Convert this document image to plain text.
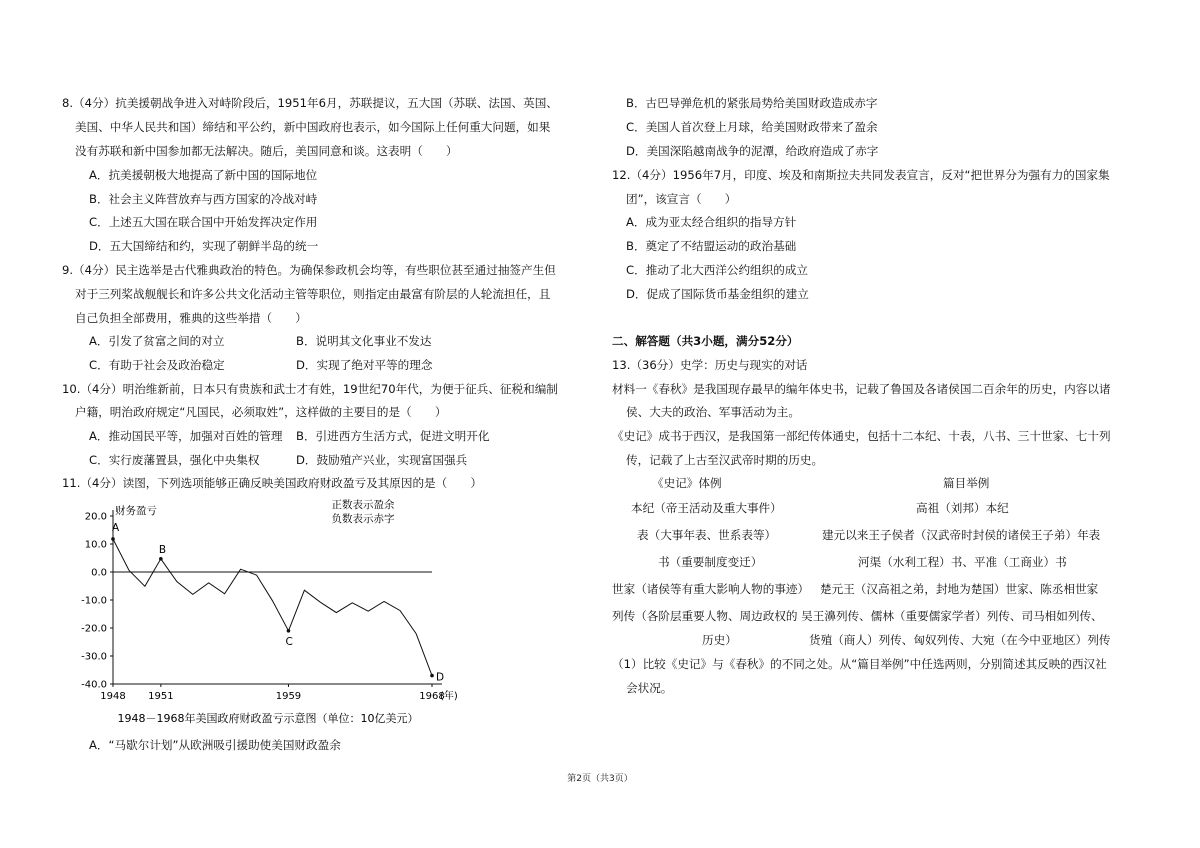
8.（4分）抗美援朝战争进入对峙阶段后，1951年6月，苏联提议，五大国（苏联、法国、英国、
美国、中华人民共和国）缔结和平公约，新中国政府也表示，如今国际上任何重大问题，如果
没有苏联和新中国参加都无法解决。随后，美国同意和谈。这表明（　　）
A．抗美援朝极大地提高了新中国的国际地位
B．社会主义阵营放弃与西方国家的冷战对峙
C．上述五大国在联合国中开始发挥决定作用
D．五大国缔结和约，实现了朝鲜半岛的统一
9.（4分）民主选举是古代雅典政治的特色。为确保参政机会均等，有些职位甚至通过抽签产生但
对于三列桨战舰舰长和许多公共文化活动主管等职位，则指定由最富有阶层的人轮流担任，且
自己负担全部费用，雅典的这些举措（　　）
A．引发了贫富之间的对立	B．说明其文化事业不发达
C．有助于社会及政治稳定	D．实现了绝对平等的理念
10.（4分）明治维新前，日本只有贵族和武士才有姓，19世纪70年代，为便于征兵、征税和编制
户籍，明治政府规定“凡国民，必须取姓”，这样做的主要目的是（　　）
A．推动国民平等，加强对百姓的管理 B．引进西方生活方式，促进文明开化
C．实行废藩置县，强化中央集权	D．鼓励殖产兴业，实现富国强兵
11.（4分）读图，下列选项能够正确反映美国政府财政盈亏及其原因的是（　　）
20.0
10.0
0.0
-10.0
-20.0
-30.0
-40.0
1948 1951	1959	1968
(年)
财务盈亏	正数表示盈余
负数表示赤字
A
B
C
D
1948－1968年美国政府财政盈亏示意图（单位：10亿美元）
A．“马歇尔计划”从欧洲吸引援助使美国财政盈余
B．古巴导弹危机的紧张局势给美国财政造成赤字
C．美国人首次登上月球，给美国财政带来了盈余
D．美国深陷越南战争的泥潭，给政府造成了赤字
12.（4分）1956年7月，印度、埃及和南斯拉夫共同发表宣言，反对“把世界分为强有力的国家集
团”，该宣言（　　）
A．成为亚太经合组织的指导方针
B．奠定了不结盟运动的政治基础
C．推动了北大西洋公约组织的成立
D．促成了国际货币基金组织的建立
二、解答题（共3小题，满分52分）
13.（36分）史学：历史与现实的对话
材料一《春秋》是我国现存最早的编年体史书，记载了鲁国及各诸侯国二百余年的历史，内容以诸
侯、大夫的政治、军事活动为主。
《史记》成书于西汉，是我国第一部纪传体通史，包括十二本纪、十表，八书、三十世家、七十列
传，记载了上古至汉武帝时期的历史。
《史记》体例	篇目举例
本纪（帝王活动及重大事件）	高祖（刘邦）本纪
表（大事年表、世系表等）	建元以来王子侯者（汉武帝时封侯的诸侯王子弟）年表
书（重要制度变迁）	河渠（水利工程）书、平准（工商业）书
世家（诸侯等有重大影响人物的事迹） 楚元王（汉高祖之弟，封地为楚国）世家、陈丞相世家
列传（各阶层重要人物、周边政权的 吴王濞列传、儒林（重要儒家学者）列传、司马相如列传、
历史）	货殖（商人）列传、匈奴列传、大宛（在今中亚地区）列传
（1）比较《史记》与《春秋》的不同之处。从“篇目举例”中任选两则，分别简述其反映的西汉社
会状况。
第2页（共3页）
